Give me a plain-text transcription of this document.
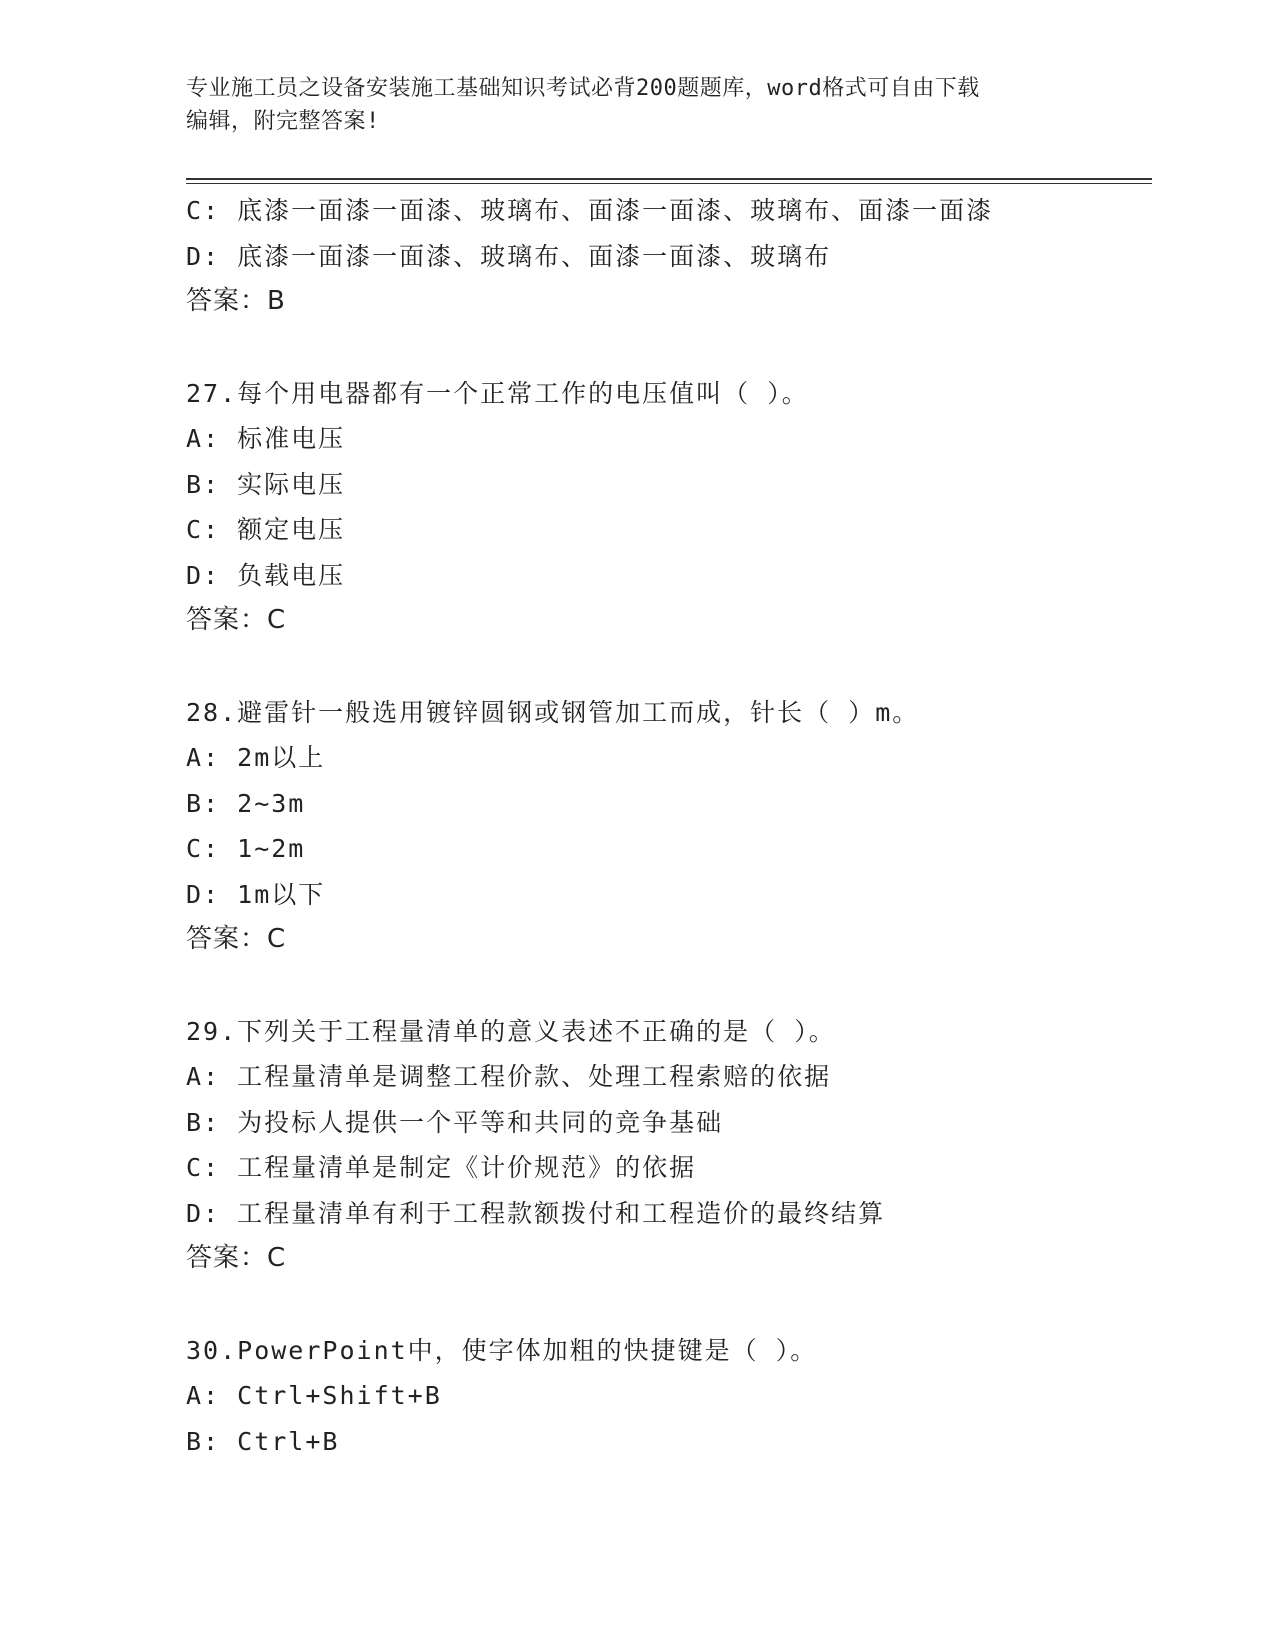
专业施工员之设备安装施工基础知识考试必背200题题库，word格式可自由下载
编辑，附完整答案!
C: 底漆一面漆一面漆、玻璃布、面漆一面漆、玻璃布、面漆一面漆
D: 底漆一面漆一面漆、玻璃布、面漆一面漆、玻璃布
答案：B
27.每个用电器都有一个正常工作的电压值叫（ ）。
A: 标准电压
B: 实际电压
C: 额定电压
D: 负载电压
答案：C
28.避雷针一般选用镀锌圆钢或钢管加工而成，针长（ ）m。
A: 2m以上
B: 2~3m
C: 1~2m
D: 1m以下
答案：C
29.下列关于工程量清单的意义表述不正确的是（ ）。
A: 工程量清单是调整工程价款、处理工程索赔的依据
B: 为投标人提供一个平等和共同的竞争基础
C: 工程量清单是制定《计价规范》的依据
D: 工程量清单有利于工程款额拨付和工程造价的最终结算
答案：C
30.PowerPoint中，使字体加粗的快捷键是（ ）。
A: Ctrl+Shift+B
B: Ctrl+B
